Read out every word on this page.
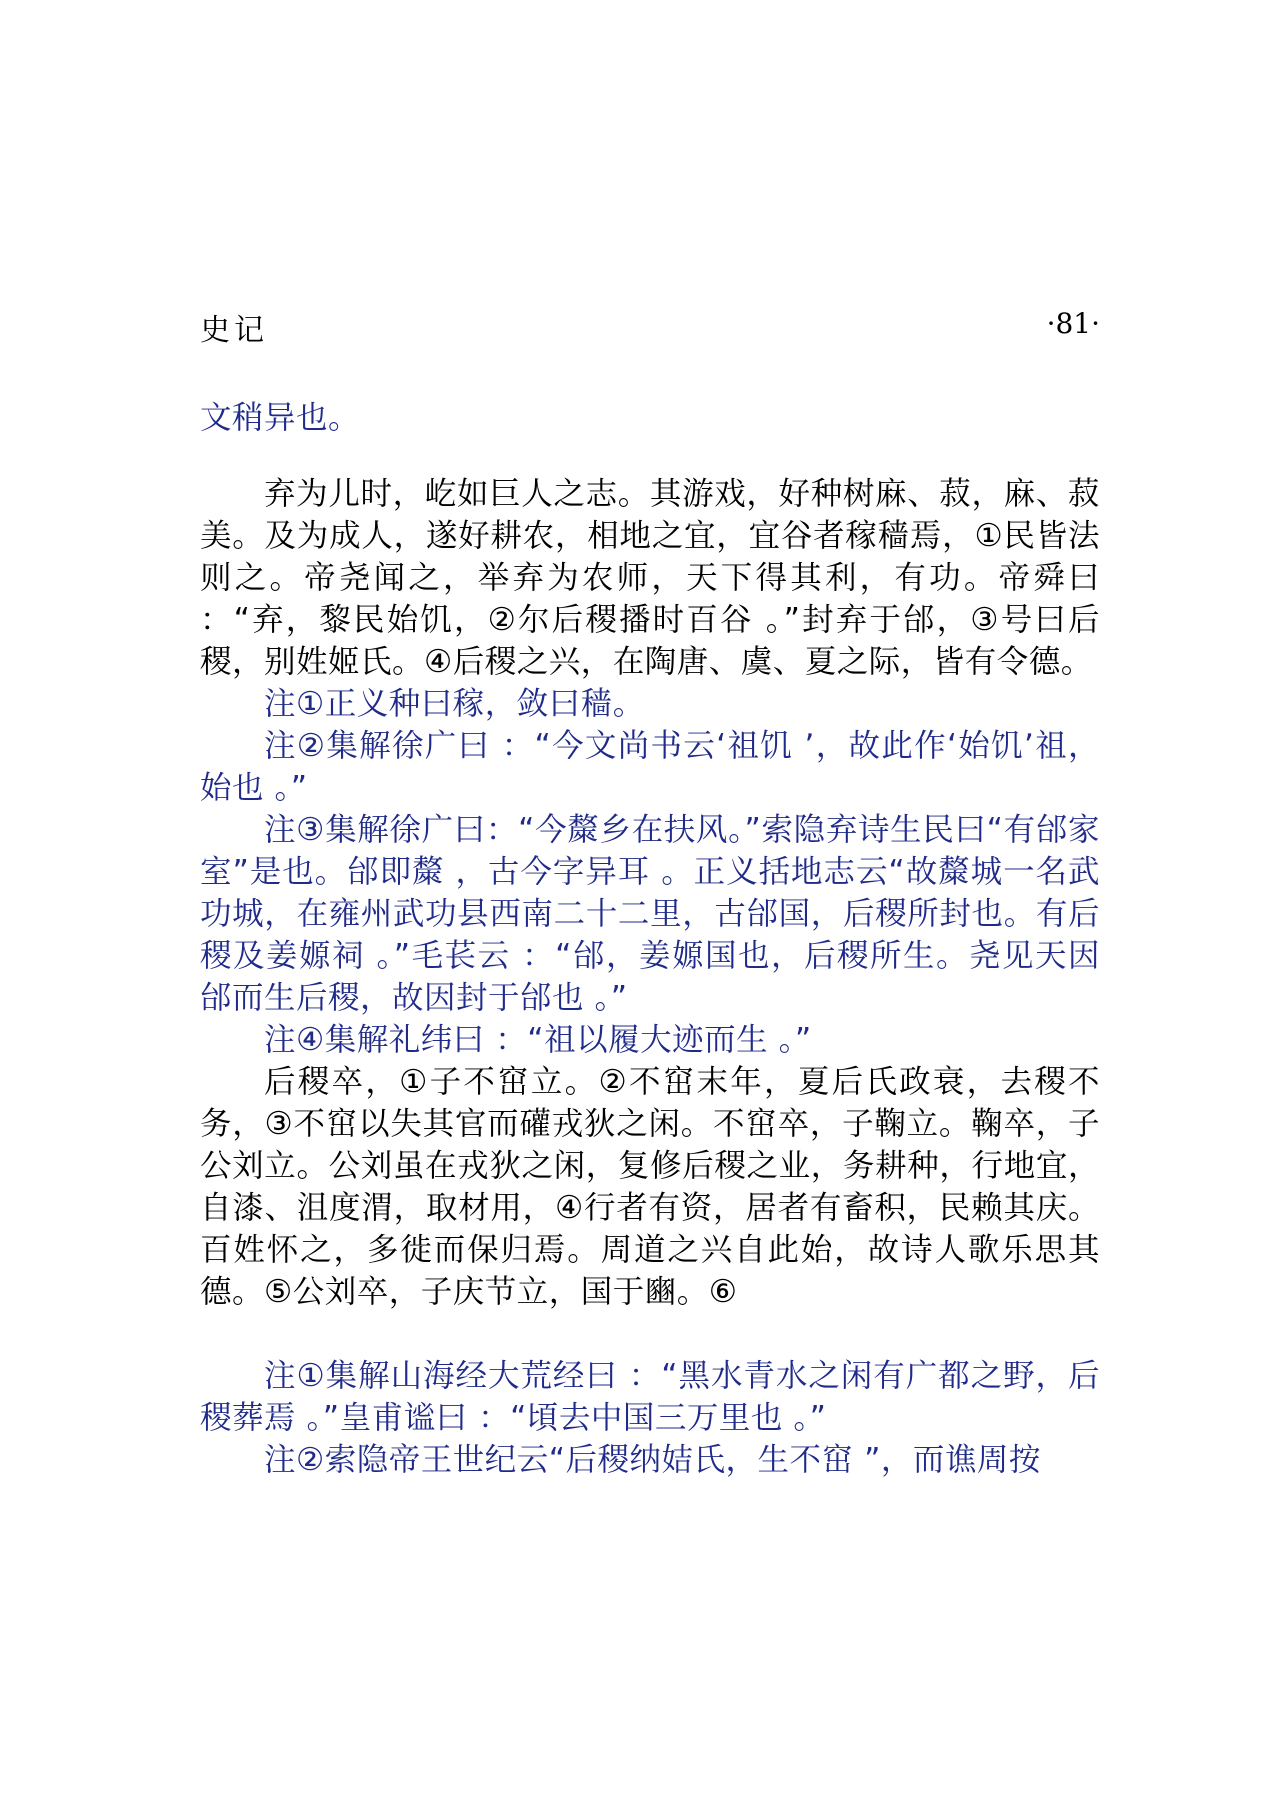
史记	·81·

文稍异也。

弃为儿时，屹如巨人之志。其游戏，好种树麻、菽，麻、菽美。及为成人，遂好耕农，相地之宜，宜谷者稼穑焉，①民皆法则之。帝尧闻之，举弃为农师，天下得其利，有功。帝舜曰 ：“弃，黎民始饥，②尔后稷播时百谷 。”封弃于邰，③号曰后稷，别姓姬氏。④后稷之兴，在陶唐、虞、夏之际，皆有令德。

注①正义种曰稼，敛曰穑。

注②集解徐广曰 ：“今文尚书云‘祖饥 ’，故此作‘始饥’祖，始也 。”

注③集解徐广曰：“今斄乡在扶风。”索隐弃诗生民曰“有邰家室”是也。邰即斄 ，古今字异耳 。正义括地志云“故斄城一名武功城，在雍州武功县西南二十二里，古邰国，后稷所封也。有后稷及姜嫄祠 。”毛苌云 ：“邰，姜嫄国也，后稷所生。尧见天因邰而生后稷，故因封于邰也 。”

注④集解礼纬曰 ：“祖以履大迹而生 。”

后稷卒，①子不窋立。②不窋末年，夏后氏政衰，去稷不务，③不窋以失其官而礶戎狄之闲。不窋卒，子鞠立。鞠卒，子公刘立。公刘虽在戎狄之闲，复修后稷之业，务耕种，行地宜，自漆、沮度渭，取材用，④行者有资，居者有畜积，民赖其庆。百姓怀之，多徙而保归焉。周道之兴自此始，故诗人歌乐思其德。⑤公刘卒，子庆节立，国于豳。⑥

注①集解山海经大荒经曰 ：“黑水青水之闲有广都之野，后稷葬焉 。”皇甫谧曰 ：“頃去中国三万里也 。”

注②索隐帝王世纪云“后稷纳姞氏，生不窋 ”，而谯周按
